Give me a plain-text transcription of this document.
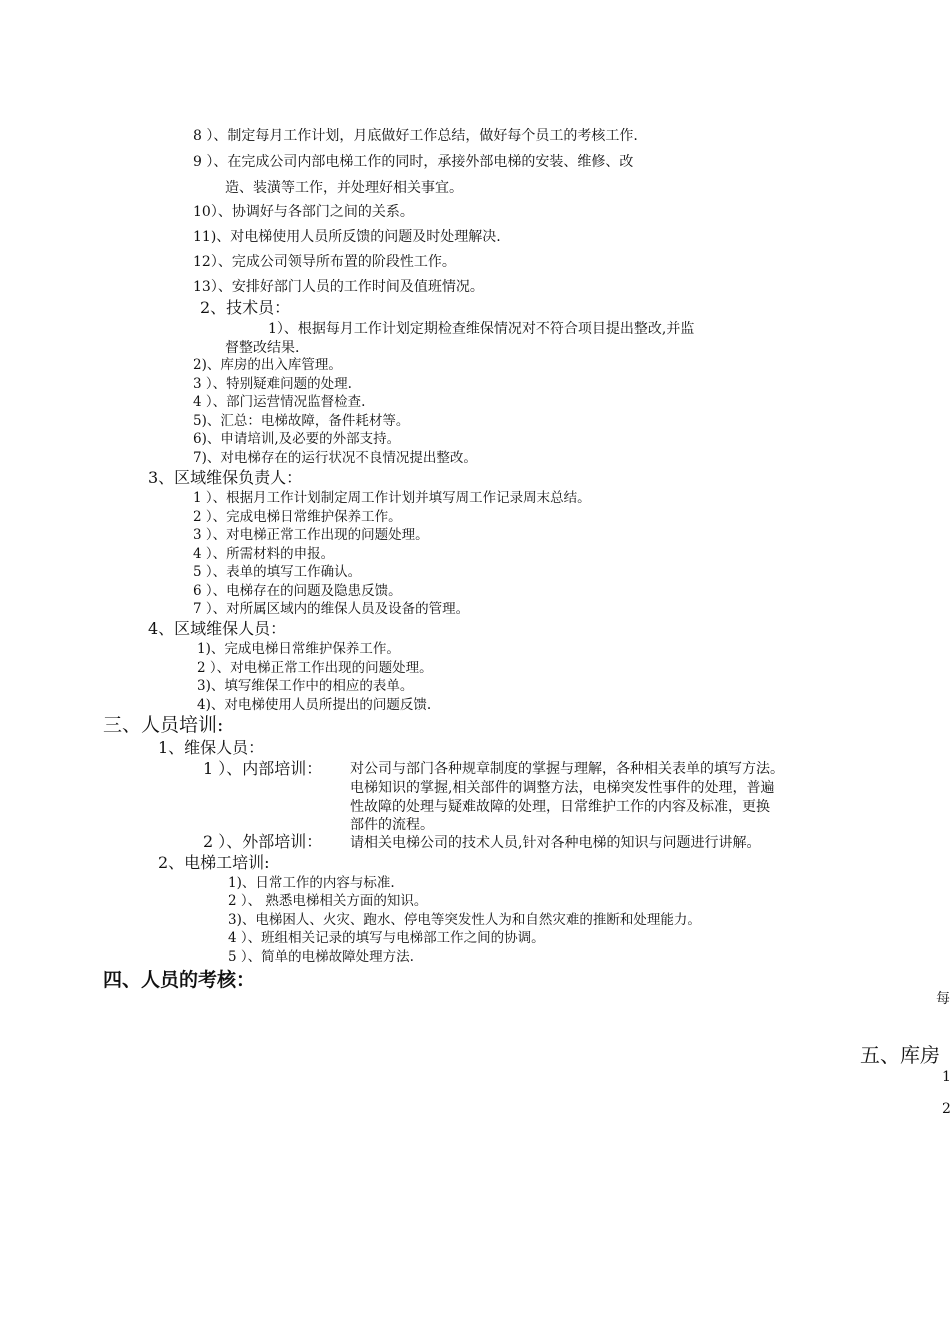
8 ）、制定每月工作计划，月底做好工作总结，做好每个员工的考核工作.
9 ）、在完成公司内部电梯工作的同时，承接外部电梯的安装、维修、改
造、装潢等工作，并处理好相关事宜。
10）、协调好与各部门之间的关系。
11)、对电梯使用人员所反馈的问题及时处理解决.
12）、完成公司领导所布置的阶段性工作。
13）、安排好部门人员的工作时间及值班情况。
2、技术员：
1）、根据每月工作计划定期检查维保情况对不符合项目提出整改,并监
督整改结果.
2)、库房的出入库管理。
3 ）、特别疑难问题的处理.
4 ）、部门运营情况监督检查.
5)、汇总：电梯故障，备件耗材等。
6)、申请培训,及必要的外部支持。
7)、对电梯存在的运行状况不良情况提出整改。
3、区域维保负责人：
1 ）、根据月工作计划制定周工作计划并填写周工作记录周末总结。
2 ）、完成电梯日常维护保养工作。
3 ）、对电梯正常工作出现的问题处理。
4 ）、所需材料的申报。
5 ）、表单的填写工作确认。
6 ）、电梯存在的问题及隐患反馈。
7 ）、对所属区域内的维保人员及设备的管理。
4、区域维保人员：
1)、完成电梯日常维护保养工作。
2 ）、对电梯正常工作出现的问题处理。
3)、填写维保工作中的相应的表单。
4)、对电梯使用人员所提出的问题反馈.
三、人员培训:
1、维保人员：
1 ）、内部培训： 对公司与部门各种规章制度的掌握与理解，各种相关表单的填写方法。
电梯知识的掌握,相关部件的调整方法，电梯突发性事件的处理，普遍
性故障的处理与疑难故障的处理，日常维护工作的内容及标准，更换
部件的流程。
2 ）、外部培训： 请相关电梯公司的技术人员,针对各种电梯的知识与问题进行讲解。
2、电梯工培训:
1)、日常工作的内容与标准.
2 ）、 熟悉电梯相关方面的知识。
3)、电梯困人、火灾、跑水、停电等突发性人为和自然灾难的推断和处理能力。
4 ）、班组相关记录的填写与电梯部工作之间的协调。
5 ）、简单的电梯故障处理方法.
四、人员的考核：
每
五、库房
1
2
